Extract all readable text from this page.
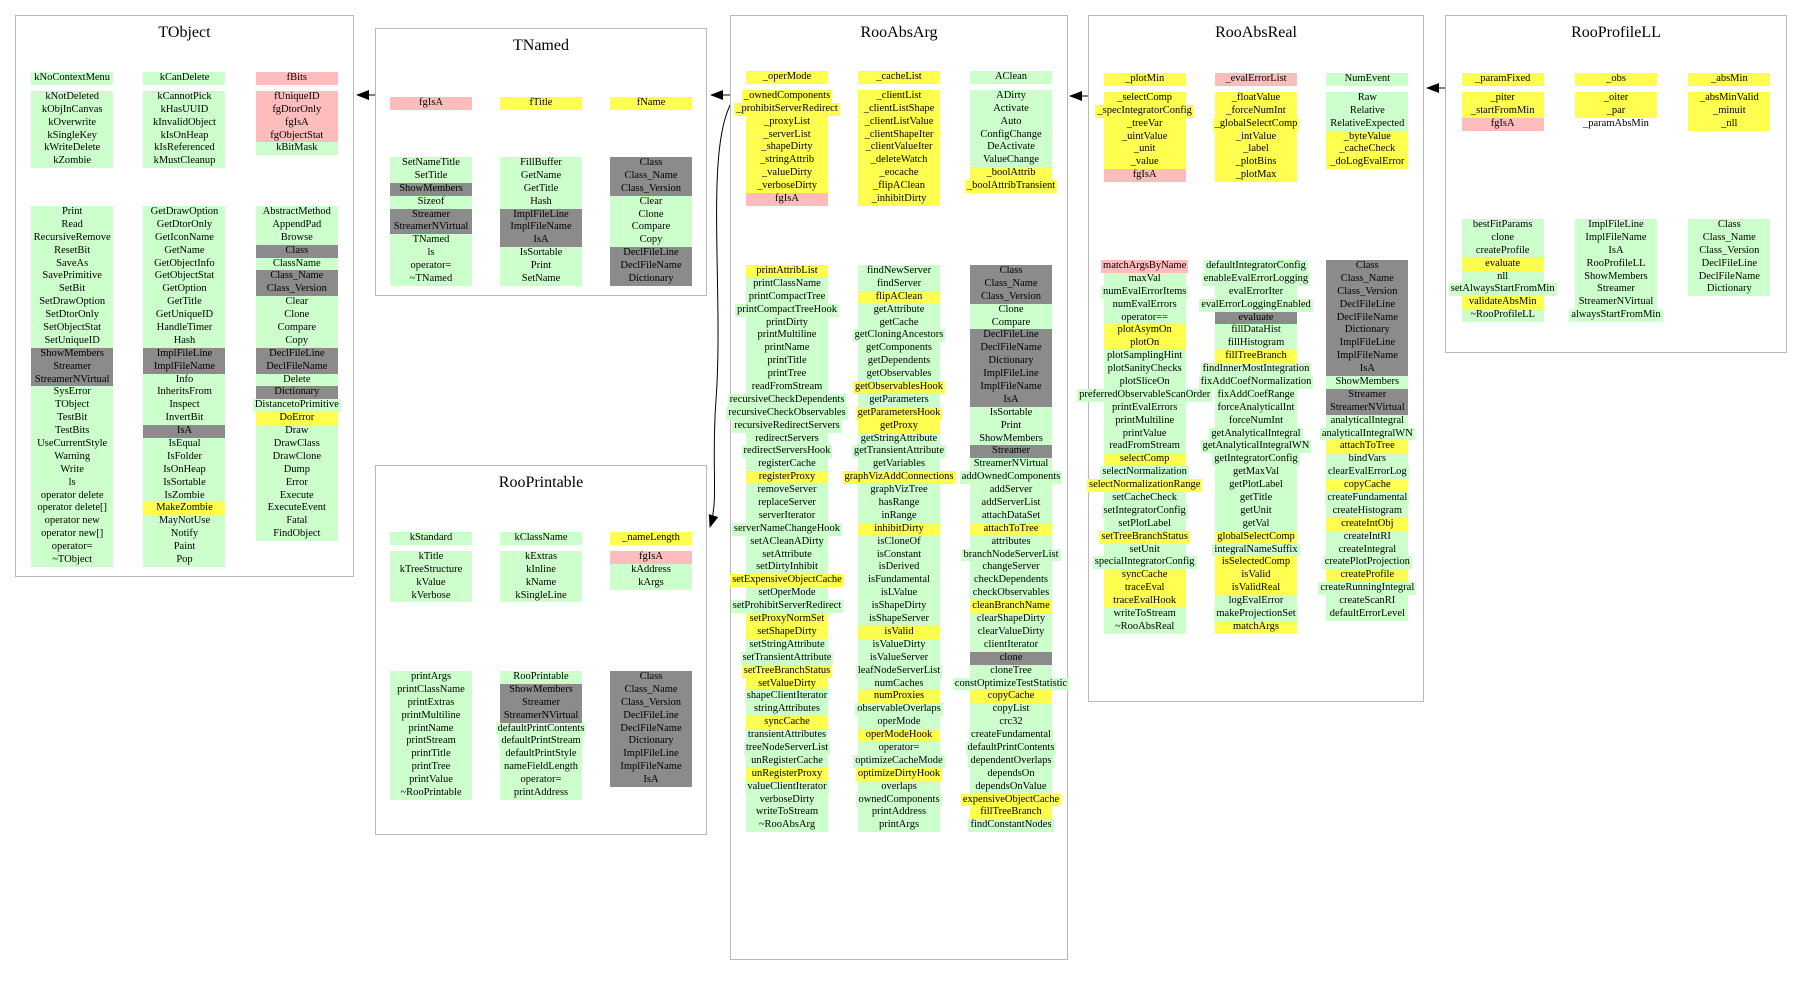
TObject
kNoContextMenu
kNotDeleted
kObjInCanvas
kOverwrite
kSingleKey
kWriteDelete
kZombie
kCanDelete
kCannotPick
kHasUUID
kInvalidObject
kIsOnHeap
kIsReferenced
kMustCleanup
fBits
fUniqueID
fgDtorOnly
fgIsA
fgObjectStat
kBitMask
Print
Read
RecursiveRemove
ResetBit
SaveAs
SavePrimitive
SetBit
SetDrawOption
SetDtorOnly
SetObjectStat
SetUniqueID
ShowMembers
Streamer
StreamerNVirtual
SysError
TObject
TestBit
TestBits
UseCurrentStyle
Warning
Write
ls
operator delete
operator delete[]
operator new
operator new[]
operator=
~TObject
GetDrawOption
GetDtorOnly
GetIconName
GetName
GetObjectInfo
GetObjectStat
GetOption
GetTitle
GetUniqueID
HandleTimer
Hash
ImplFileLine
ImplFileName
Info
InheritsFrom
Inspect
InvertBit
IsA
IsEqual
IsFolder
IsOnHeap
IsSortable
IsZombie
MakeZombie
MayNotUse
Notify
Paint
Pop
AbstractMethod
AppendPad
Browse
Class
ClassName
Class_Name
Class_Version
Clear
Clone
Compare
Copy
DeclFileLine
DeclFileName
Delete
Dictionary
DistancetoPrimitive
DoError
Draw
DrawClass
DrawClone
Dump
Error
Execute
ExecuteEvent
Fatal
FindObject
TNamed
fgIsA	fTitle	fName
SetNameTitle
SetTitle
ShowMembers
Sizeof
Streamer
StreamerNVirtual
TNamed
ls
operator=
~TNamed
FillBuffer
GetName
GetTitle
Hash
ImplFileLine
ImplFileName
IsA
IsSortable
Print
SetName
Class
Class_Name
Class_Version
Clear
Clone
Compare
Copy
DeclFileLine
DeclFileName
Dictionary
RooPrintable
kStandard
kTitle
kTreeStructure
kValue
kVerbose
kClassName
kExtras
kInline
kName
kSingleLine
_nameLength
fgIsA
kAddress
kArgs
printArgs
printClassName
printExtras
printMultiline
printName
printStream
printTitle
printTree
printValue
~RooPrintable
RooPrintable
ShowMembers
Streamer
StreamerNVirtual
defaultPrintContents
defaultPrintStream
defaultPrintStyle
nameFieldLength
operator=
printAddress
Class
Class_Name
Class_Version
DeclFileLine
DeclFileName
Dictionary
ImplFileLine
ImplFileName
IsA
RooAbsArg
_operMode
_ownedComponents
_prohibitServerRedirect
_proxyList
_serverList
_shapeDirty
_stringAttrib
_valueDirty
_verboseDirty
fgIsA
_cacheList
_clientList
_clientListShape
_clientListValue
_clientShapeIter
_clientValueIter
_deleteWatch
_eocache
_flipAClean
_inhibitDirty
AClean
ADirty
Activate
Auto
ConfigChange
DeActivate
ValueChange
_boolAttrib
_boolAttribTransient
printAttribList
printClassName
printCompactTree
printCompactTreeHook
printDirty
printMultiline
printName
printTitle
printTree
readFromStream
recursiveCheckDependents
recursiveCheckObservables
recursiveRedirectServers
redirectServers
redirectServersHook
registerCache
registerProxy
removeServer
replaceServer
serverIterator
serverNameChangeHook
setACleanADirty
setAttribute
setDirtyInhibit
setExpensiveObjectCache
setOperMode
setProhibitServerRedirect
setProxyNormSet
setShapeDirty
setStringAttribute
setTransientAttribute
setTreeBranchStatus
setValueDirty
shapeClientIterator
stringAttributes
syncCache
transientAttributes
treeNodeServerList
unRegisterCache
unRegisterProxy
valueClientIterator
verboseDirty
writeToStream
~RooAbsArg
findNewServer
findServer
flipAClean
getAttribute
getCache
getCloningAncestors
getComponents
getDependents
getObservables
getObservablesHook
getParameters
getParametersHook
getProxy
getStringAttribute
getTransientAttribute
getVariables
graphVizAddConnections
graphVizTree
hasRange
inRange
inhibitDirty
isCloneOf
isConstant
isDerived
isFundamental
isLValue
isShapeDirty
isShapeServer
isValid
isValueDirty
isValueServer
leafNodeServerList
numCaches
numProxies
observableOverlaps
operMode
operModeHook
operator=
optimizeCacheMode
optimizeDirtyHook
overlaps
ownedComponents
printAddress
printArgs
Class
Class_Name
Class_Version
Clone
Compare
DeclFileLine
DeclFileName
Dictionary
ImplFileLine
ImplFileName
IsA
IsSortable
Print
ShowMembers
Streamer
StreamerNVirtual
addOwnedComponents
addServer
addServerList
attachDataSet
attachToTree
attributes
branchNodeServerList
changeServer
checkDependents
checkObservables
cleanBranchName
clearShapeDirty
clearValueDirty
clientIterator
clone
cloneTree
constOptimizeTestStatistic
copyCache
copyList
crc32
createFundamental
defaultPrintContents
dependentOverlaps
dependsOn
dependsOnValue
expensiveObjectCache
fillTreeBranch
findConstantNodes
RooAbsReal
_plotMin
_selectComp
_specIntegratorConfig
_treeVar
_uintValue
_unit
_value
fgIsA
_evalErrorList
_floatValue
_forceNumInt
_globalSelectComp
_intValue
_label
_plotBins
_plotMax
NumEvent
Raw
Relative
RelativeExpected
_byteValue
_cacheCheck
_doLogEvalError
matchArgsByName
maxVal
numEvalErrorItems
numEvalErrors
operator==
plotAsymOn
plotOn
plotSamplingHint
plotSanityChecks
plotSliceOn
preferredObservableScanOrder
printEvalErrors
printMultiline
printValue
readFromStream
selectComp
selectNormalization
selectNormalizationRange
setCacheCheck
setIntegratorConfig
setPlotLabel
setTreeBranchStatus
setUnit
specialIntegratorConfig
syncCache
traceEval
traceEvalHook
writeToStream
~RooAbsReal
defaultIntegratorConfig
enableEvalErrorLogging
evalErrorIter
evalErrorLoggingEnabled
evaluate
fillDataHist
fillHistogram
fillTreeBranch
findInnerMostIntegration
fixAddCoefNormalization
fixAddCoefRange
forceAnalyticalInt
forceNumInt
getAnalyticalIntegral
getAnalyticalIntegralWN
getIntegratorConfig
getMaxVal
getPlotLabel
getTitle
getUnit
getVal
globalSelectComp
integralNameSuffix
isSelectedComp
isValid
isValidReal
logEvalError
makeProjectionSet
matchArgs
Class
Class_Name
Class_Version
DeclFileLine
DeclFileName
Dictionary
ImplFileLine
ImplFileName
IsA
ShowMembers
Streamer
StreamerNVirtual
analyticalIntegral
analyticalIntegralWN
attachToTree
bindVars
clearEvalErrorLog
copyCache
createFundamental
createHistogram
createIntObj
createIntRI
createIntegral
createPlotProjection
createProfile
createRunningIntegral
createScanRI
defaultErrorLevel
RooProfileLL
_paramFixed
_piter
_startFromMin
fgIsA
_obs
_oiter
_par
_paramAbsMin
_absMin
_absMinValid
_minuit
_nll
bestFitParams
clone
createProfile
evaluate
nll
setAlwaysStartFromMin
validateAbsMin
~RooProfileLL
ImplFileLine
ImplFileName
IsA
RooProfileLL
ShowMembers
Streamer
StreamerNVirtual
alwaysStartFromMin
Class
Class_Name
Class_Version
DeclFileLine
DeclFileName
Dictionary
